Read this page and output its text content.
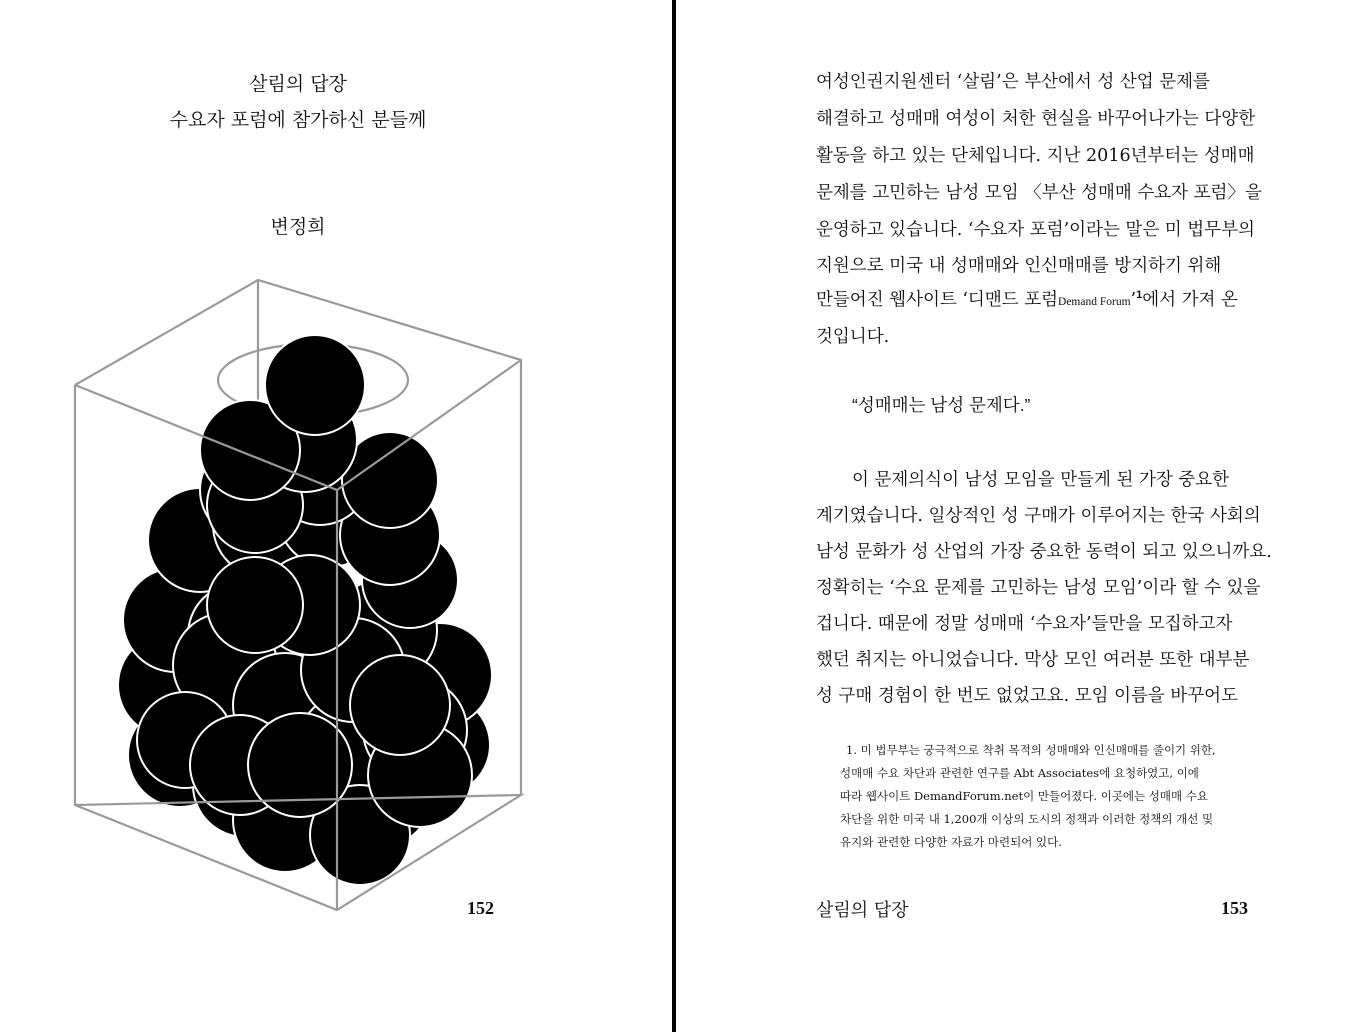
살림의 답장
수요자 포럼에 참가하신 분들께
변정희
152
여성인권지원센터 ‘살림’은 부산에서 성 산업 문제를
해결하고 성매매 여성이 처한 현실을 바꾸어나가는 다양한
활동을 하고 있는 단체입니다. 지난 2016년부터는 성매매
문제를 고민하는 남성 모임 〈부산 성매매 수요자 포럼〉을
운영하고 있습니다. ‘수요자 포럼’이라는 말은 미 법무부의
지원으로 미국 내 성매매와 인신매매를 방지하기 위해
만들어진 웹사이트 ‘디맨드 포럼Demand Forum’$^1$에서 가져 온
것입니다.
“성매매는 남성 문제다.”
이 문제의식이 남성 모임을 만들게 된 가장 중요한
계기였습니다. 일상적인 성 구매가 이루어지는 한국 사회의
남성 문화가 성 산업의 가장 중요한 동력이 되고 있으니까요.
정확히는 ‘수요 문제를 고민하는 남성 모임’이라 할 수 있을
겁니다. 때문에 정말 성매매 ‘수요자’들만을 모집하고자
했던 취지는 아니었습니다. 막상 모인 여러분 또한 대부분
성 구매 경험이 한 번도 없었고요. 모임 이름을 바꾸어도
1. 미 법무부는 궁극적으로 착취 목적의 성매매와 인신매매를 줄이기 위한,
성매매 수요 차단과 관련한 연구를 Abt Associates에 요청하였고, 이에
따라 웹사이트 DemandForum.net이 만들어졌다. 이곳에는 성매매 수요
차단을 위한 미국 내 1,200개 이상의 도시의 정책과 이러한 정책의 개선 및
유지와 관련한 다양한 자료가 마련되어 있다.
살림의 답장	153
